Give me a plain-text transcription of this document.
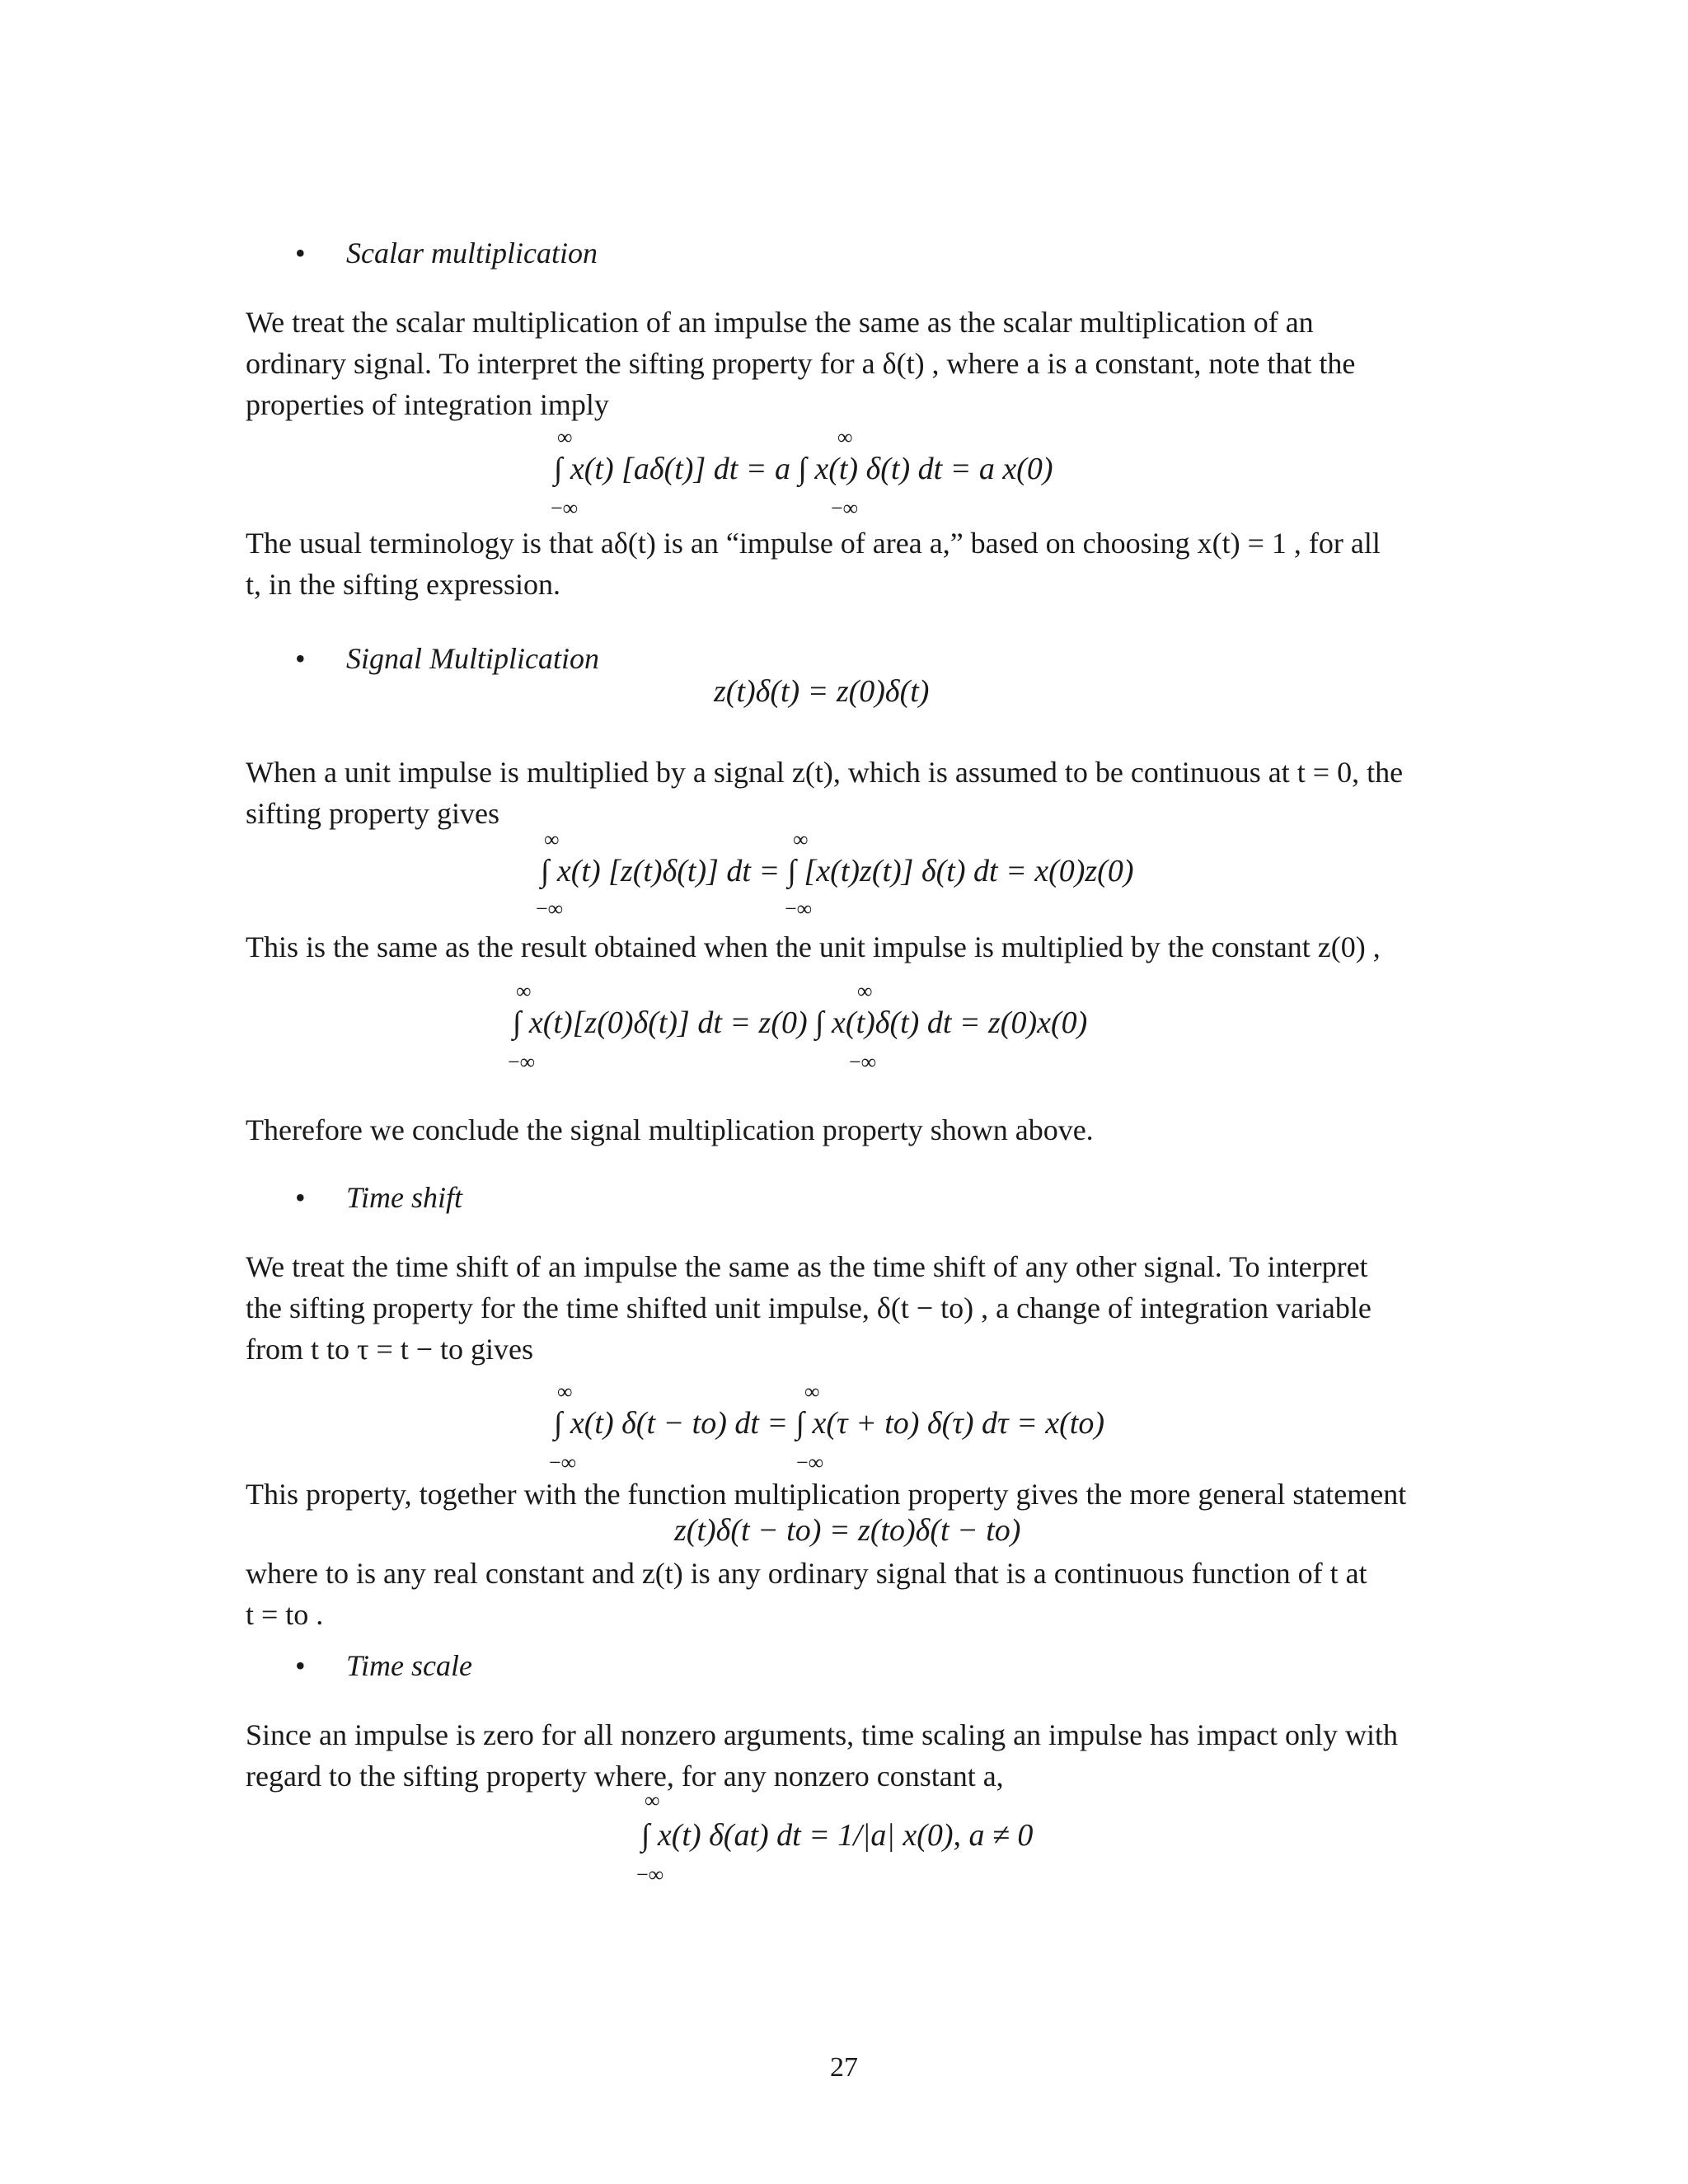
• Scalar multiplication
We treat the scalar multiplication of an impulse the same as the scalar multiplication of an
ordinary signal. To interpret the sifting property for a δ(t) , where a is a constant, note that the
properties of integration imply
∞	∞
∫ x(t) [aδ(t)] dt = a ∫ x(t) δ(t) dt = a x(0)
−∞	−∞
The usual terminology is that aδ(t) is an “impulse of area a,” based on choosing x(t) = 1 , for all
t, in the sifting expression.
• Signal Multiplication
z(t)δ(t) = z(0)δ(t)
When a unit impulse is multiplied by a signal z(t), which is assumed to be continuous at t = 0, the
sifting property gives
∞	∞
∫ x(t) [z(t)δ(t)] dt = ∫ [x(t)z(t)] δ(t) dt = x(0)z(0)
−∞	−∞
This is the same as the result obtained when the unit impulse is multiplied by the constant z(0) ,
∞	∞
∫ x(t)[z(0)δ(t)] dt = z(0) ∫ x(t)δ(t) dt = z(0)x(0)
−∞	−∞
Therefore we conclude the signal multiplication property shown above.
• Time shift
We treat the time shift of an impulse the same as the time shift of any other signal. To interpret
the sifting property for the time shifted unit impulse, δ(t − to) , a change of integration variable
from t to τ = t − to gives
∞	∞
∫ x(t) δ(t − to) dt = ∫ x(τ + to) δ(τ) dτ = x(to)
−∞	−∞
This property, together with the function multiplication property gives the more general statement
z(t)δ(t − to) = z(to)δ(t − to)
where to is any real constant and z(t) is any ordinary signal that is a continuous function of t at
t = to .
• Time scale
Since an impulse is zero for all nonzero arguments, time scaling an impulse has impact only with
regard to the sifting property where, for any nonzero constant a,
∞
∫ x(t) δ(at) dt = 1/|a| x(0), a ≠ 0
−∞
27
